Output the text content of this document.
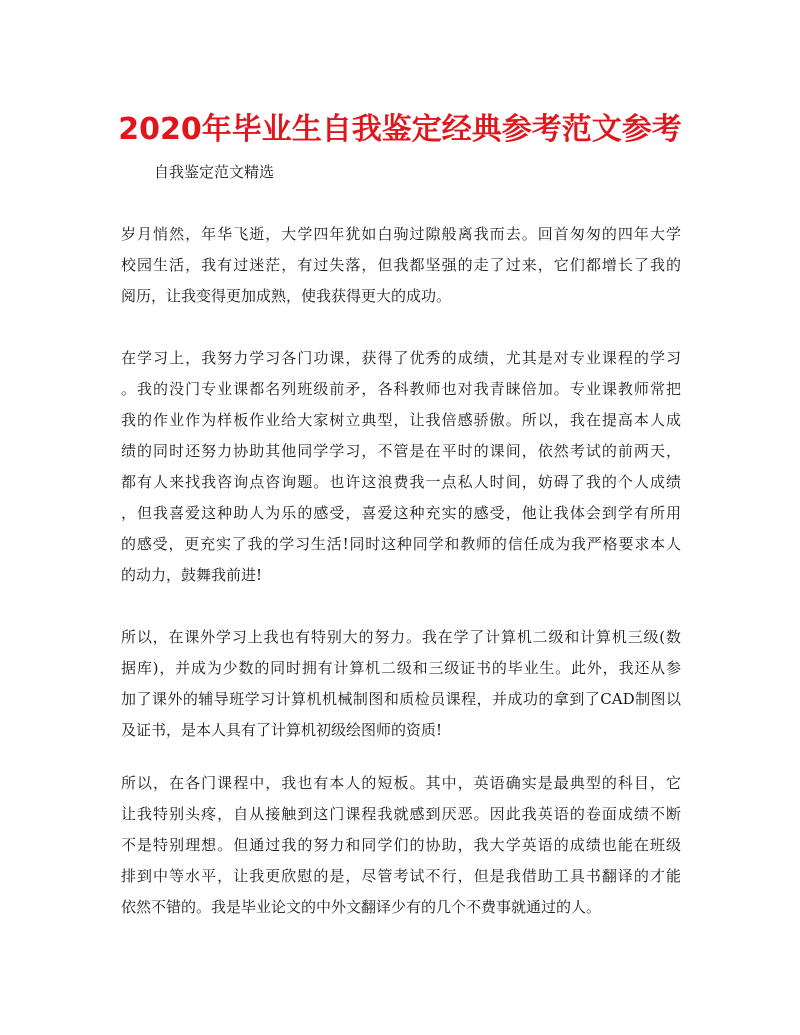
2020年毕业生自我鉴定经典参考范文参考
自我鉴定范文精选
岁月悄然，年华飞逝，大学四年犹如白驹过隙般离我而去。回首匆匆的四年大学
校园生活，我有过迷茫，有过失落，但我都坚强的走了过来，它们都增长了我的
阅历，让我变得更加成熟，使我获得更大的成功。
在学习上，我努力学习各门功课，获得了优秀的成绩，尤其是对专业课程的学习
。我的没门专业课都名列班级前矛，各科教师也对我青睐倍加。专业课教师常把
我的作业作为样板作业给大家树立典型，让我倍感骄傲。所以，我在提高本人成
绩的同时还努力协助其他同学学习，不管是在平时的课间，依然考试的前两天，
都有人来找我咨询点咨询题。也许这浪费我一点私人时间，妨碍了我的个人成绩
，但我喜爱这种助人为乐的感受，喜爱这种充实的感受，他让我体会到学有所用
的感受，更充实了我的学习生活!同时这种同学和教师的信任成为我严格要求本人
的动力，鼓舞我前进!
所以，在课外学习上我也有特别大的努力。我在学了计算机二级和计算机三级(数
据库)，并成为少数的同时拥有计算机二级和三级证书的毕业生。此外，我还从参
加了课外的辅导班学习计算机机械制图和质检员课程，并成功的拿到了CAD制图以
及证书，是本人具有了计算机初级绘图师的资质!
所以，在各门课程中，我也有本人的短板。其中，英语确实是最典型的科目，它
让我特别头疼，自从接触到这门课程我就感到厌恶。因此我英语的卷面成绩不断
不是特别理想。但通过我的努力和同学们的协助，我大学英语的成绩也能在班级
排到中等水平，让我更欣慰的是，尽管考试不行，但是我借助工具书翻译的才能
依然不错的。我是毕业论文的中外文翻译少有的几个不费事就通过的人。
